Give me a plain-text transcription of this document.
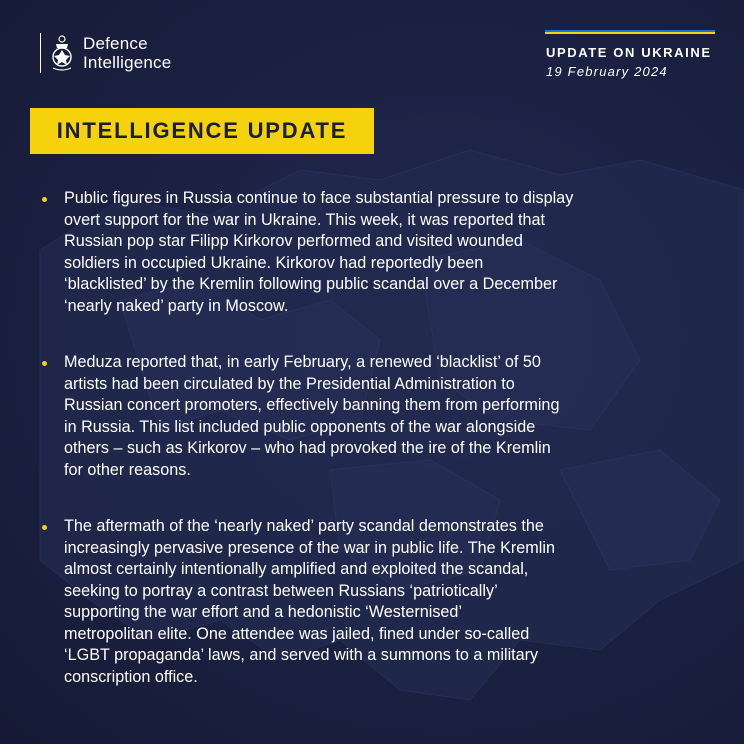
Defence
Intelligence
UPDATE ON UKRAINE
19 February 2024
INTELLIGENCE UPDATE
Public figures in Russia continue to face substantial pressure to display
overt support for the war in Ukraine. This week, it was reported that
Russian pop star Filipp Kirkorov performed and visited wounded
soldiers in occupied Ukraine. Kirkorov had reportedly been
‘blacklisted’ by the Kremlin following public scandal over a December
‘nearly naked’ party in Moscow.
Meduza reported that, in early February, a renewed ‘blacklist’ of 50
artists had been circulated by the Presidential Administration to
Russian concert promoters, effectively banning them from performing
in Russia. This list included public opponents of the war alongside
others – such as Kirkorov – who had provoked the ire of the Kremlin
for other reasons.
The aftermath of the ‘nearly naked’ party scandal demonstrates the
increasingly pervasive presence of the war in public life. The Kremlin
almost certainly intentionally amplified and exploited the scandal,
seeking to portray a contrast between Russians ‘patriotically’
supporting the war effort and a hedonistic ‘Westernised’
metropolitan elite. One attendee was jailed, fined under so-called
‘LGBT propaganda’ laws, and served with a summons to a military
conscription office.
